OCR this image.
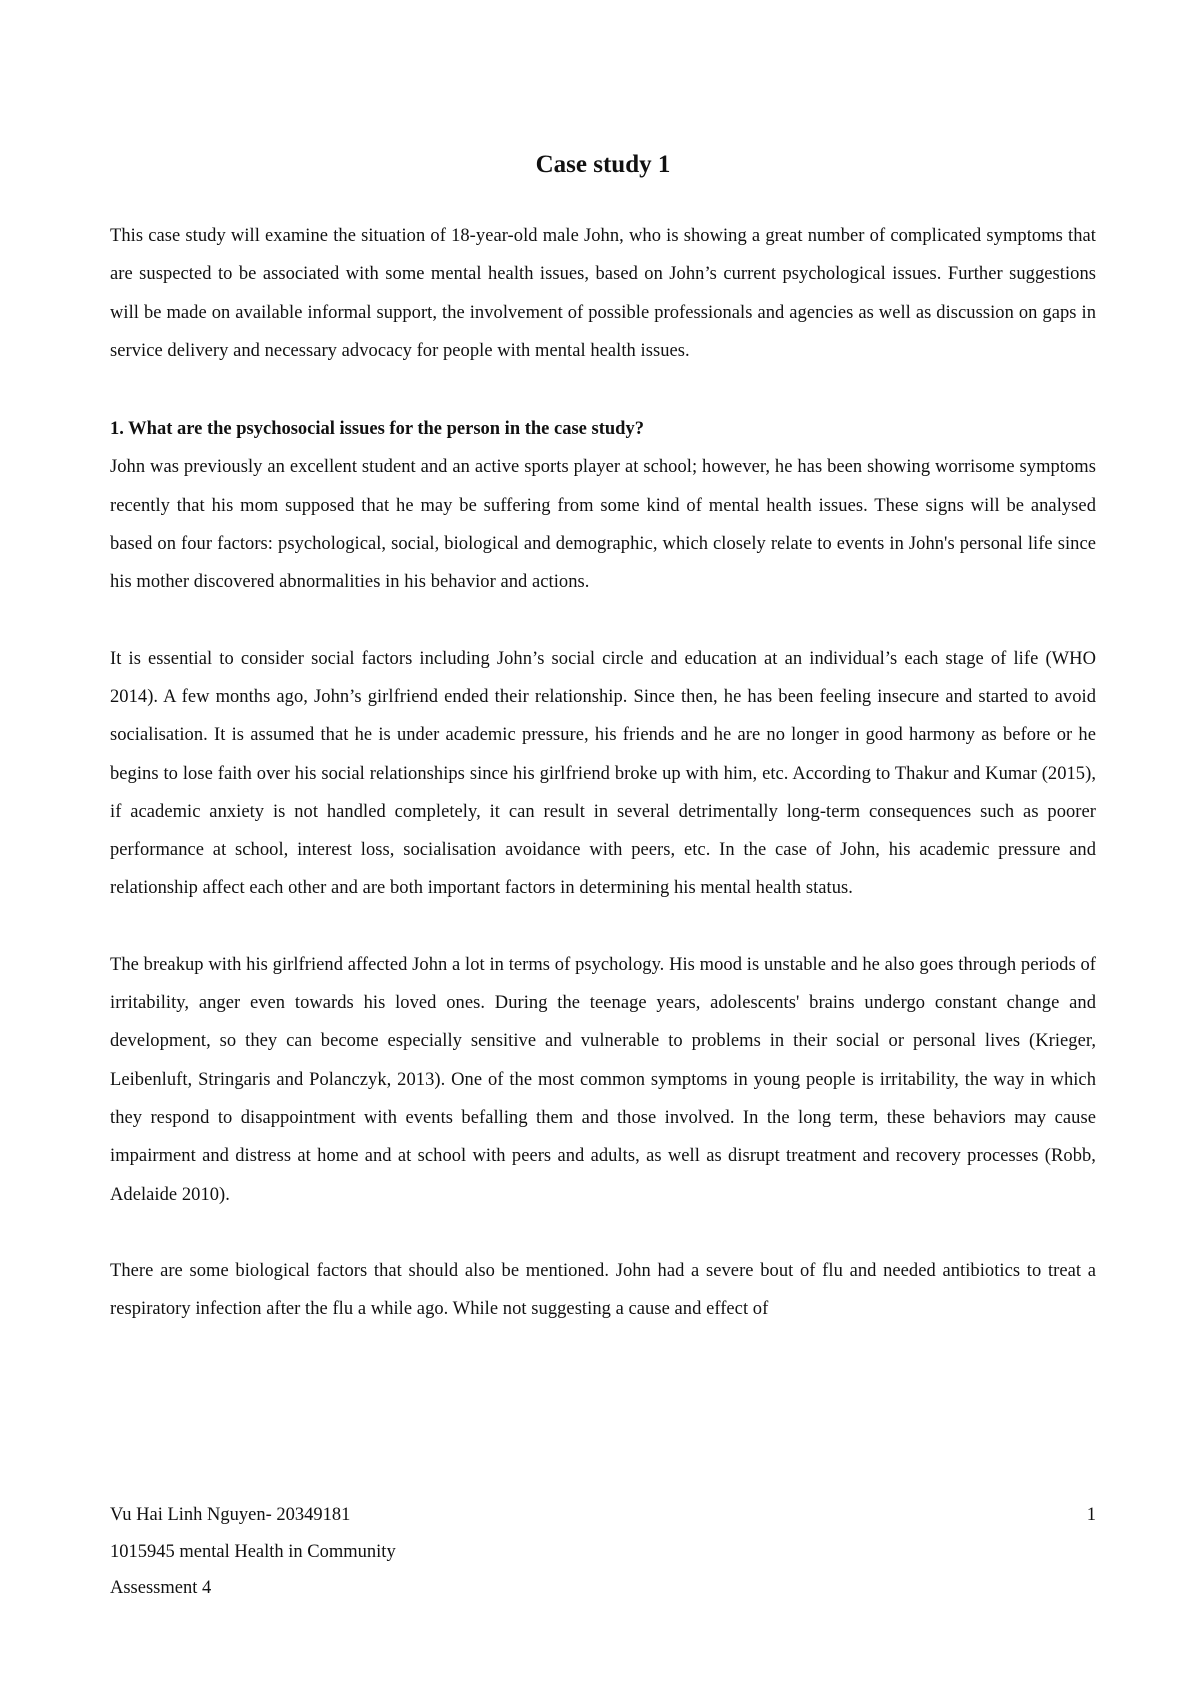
Case study 1

This case study will examine the situation of 18-year-old male John, who is showing a great number of complicated symptoms that are suspected to be associated with some mental health issues, based on John’s current psychological issues. Further suggestions will be made on available informal support, the involvement of possible professionals and agencies as well as discussion on gaps in service delivery and necessary advocacy for people with mental health issues.

1. What are the psychosocial issues for the person in the case study?

John was previously an excellent student and an active sports player at school; however, he has been showing worrisome symptoms recently that his mom supposed that he may be suffering from some kind of mental health issues. These signs will be analysed based on four factors: psychological, social, biological and demographic, which closely relate to events in John's personal life since his mother discovered abnormalities in his behavior and actions.

It is essential to consider social factors including John’s social circle and education at an individual’s each stage of life (WHO 2014). A few months ago, John’s girlfriend ended their relationship. Since then, he has been feeling insecure and started to avoid socialisation. It is assumed that he is under academic pressure, his friends and he are no longer in good harmony as before or he begins to lose faith over his social relationships since his girlfriend broke up with him, etc. According to Thakur and Kumar (2015), if academic anxiety is not handled completely, it can result in several detrimentally long-term consequences such as poorer performance at school, interest loss, socialisation avoidance with peers, etc. In the case of John, his academic pressure and relationship affect each other and are both important factors in determining his mental health status.

The breakup with his girlfriend affected John a lot in terms of psychology. His mood is unstable and he also goes through periods of irritability, anger even towards his loved ones. During the teenage years, adolescents' brains undergo constant change and development, so they can become especially sensitive and vulnerable to problems in their social or personal lives (Krieger, Leibenluft, Stringaris and Polanczyk, 2013). One of the most common symptoms in young people is irritability, the way in which they respond to disappointment with events befalling them and those involved. In the long term, these behaviors may cause impairment and distress at home and at school with peers and adults, as well as disrupt treatment and recovery processes (Robb, Adelaide 2010).

There are some biological factors that should also be mentioned. John had a severe bout of flu and needed antibiotics to treat a respiratory infection after the flu a while ago. While not suggesting a cause and effect of

Vu Hai Linh Nguyen- 20349181
1015945 mental Health in Community
Assessment 4
1
